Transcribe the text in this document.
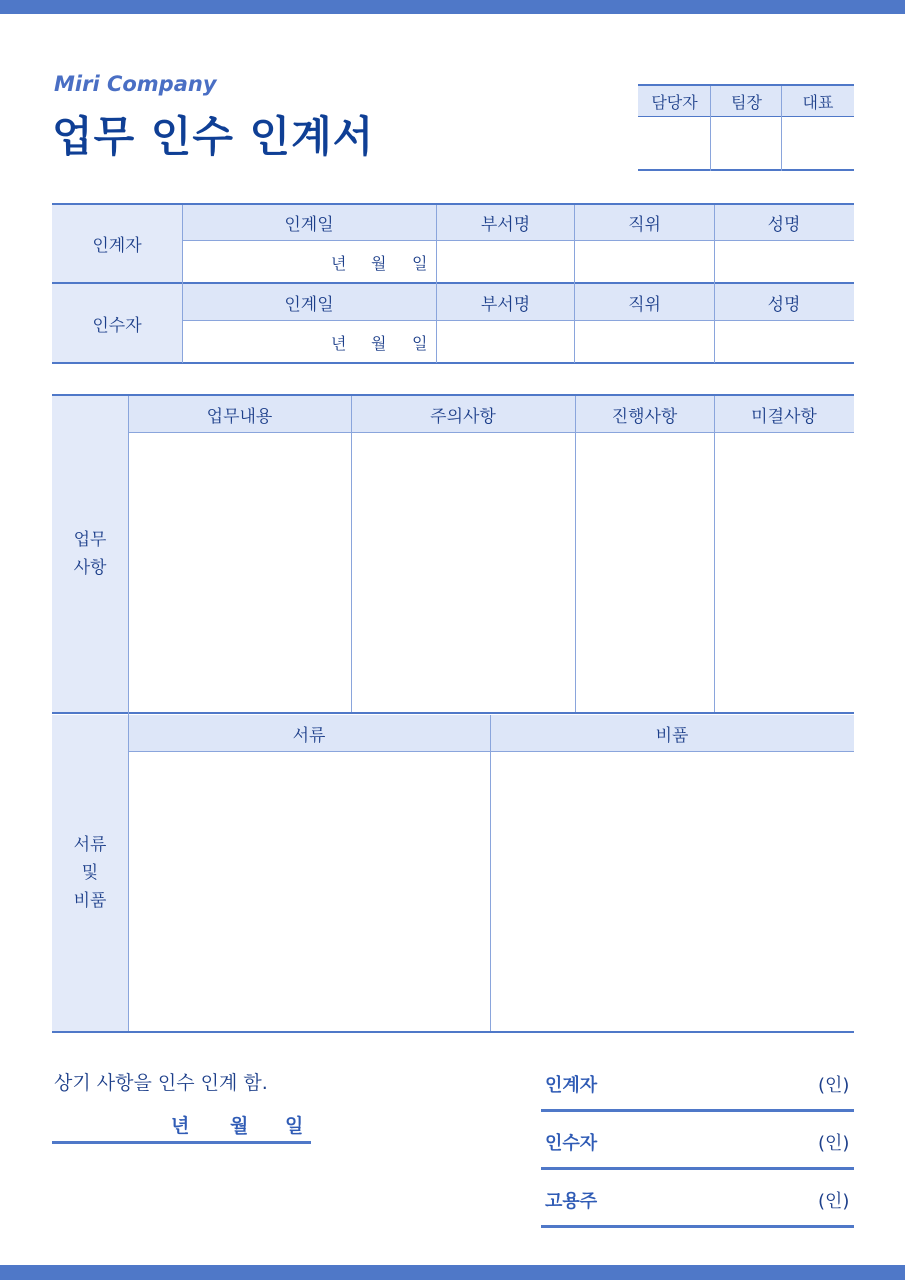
Miri Company
업무 인수 인계서
담당자	팀장	대표
인계자
인계일	부서명	직위	성명
년 월 일
인수자
인계일	부서명	직위	성명
년 월 일
업무
사항
서류
및
비품
업무내용	주의사항	진행사항	미결사항
서류	비품
상기 사항을 인수 인계 함.
년 월 일
인계자	(인)
인수자	(인)
고용주	(인)
